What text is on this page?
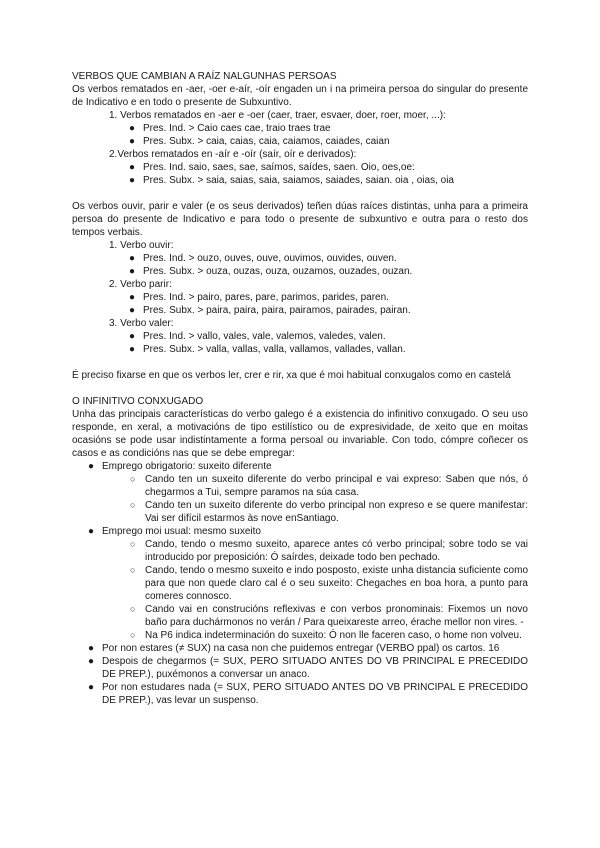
VERBOS QUE CAMBIAN A RAÍZ NALGUNHAS PERSOAS
Os verbos rematados en -aer, -oer e-aír, -oír engaden un i na primeira persoa do singular do presente de Indicativo e en todo o presente de Subxuntivo.
1. Verbos rematados en -aer e -oer (caer, traer, esvaer, doer, roer, moer, ...):
● Pres. Ind. > Caio caes cae, traio traes trae
● Pres. Subx. > caia, caias, caia, caiamos, caiades, caian
2.Verbos rematados en -aír e -oír (saír, oír e derivados):
● Pres. Ind. saio, saes, sae, saímos, saídes, saen. Oio, oes,oe:
● Pres. Subx. > saia, saias, saia, saiamos, saiades, saian. oia , oias, oia
Os verbos ouvir, parir e valer (e os seus derivados) teñen dúas raíces distintas, unha para a primeira persoa do presente de Indicativo e para todo o presente de subxuntivo e outra para o resto dos tempos verbais.
1. Verbo ouvir:
● Pres. Ind. > ouzo, ouves, ouve, ouvimos, ouvides, ouven.
● Pres. Subx. > ouza, ouzas, ouza, ouzamos, ouzades, ouzan.
2. Verbo parir:
● Pres. Ind. > pairo, pares, pare, parimos, parides, paren.
● Pres. Subx. > paira, paira, paira, pairamos, pairades, pairan.
3. Verbo valer:
● Pres. Ind. > vallo, vales, vale, valemos, valedes, valen.
● Pres. Subx. > valla, vallas, valla, vallamos, vallades, vallan.
É preciso fixarse en que os verbos ler, crer e rir, xa que é moi habitual conxugalos como en castelá
O INFINITIVO CONXUGADO
Unha das principais características do verbo galego é a existencia do infinitivo conxugado. O seu uso responde, en xeral, a motivacións de tipo estilístico ou de expresividade, de xeito que en moitas ocasións se pode usar indistintamente a forma persoal ou invariable. Con todo, cómpre coñecer os casos e as condicións nas que se debe empregar:
● Emprego obrigatorio: suxeito diferente
○ Cando ten un suxeito diferente do verbo principal e vai expreso: Saben que nós, ó chegarmos a Tui, sempre paramos na súa casa.
○ Cando ten un suxeito diferente do verbo principal non expreso e se quere manifestar: Vai ser difícil estarmos às nove enSantiago.
● Emprego moi usual: mesmo suxeito
○ Cando, tendo o mesmo suxeito, aparece antes có verbo principal; sobre todo se vai introducido por preposición: Ó saírdes, deixade todo ben pechado.
○ Cando, tendo o mesmo suxeito e indo posposto, existe unha distancia suficiente como para que non quede claro cal é o seu suxeito: Chegaches en boa hora, a punto para comeres connosco.
○ Cando vai en construcións reflexivas e con verbos pronominais: Fixemos un novo baño para duchármonos no verán / Para queixareste arreo, érache mellor non vires. -
○ Na P6 indica indeterminación do suxeito: Ó non lle faceren caso, o home non volveu.
● Por non estares (≠ SUX) na casa non che puidemos entregar (VERBO ppal) os cartos. 16
● Despois de chegarmos (= SUX, PERO SITUADO ANTES DO VB PRINCIPAL E PRECEDIDO DE PREP.), puxémonos a conversar un anaco.
● Por non estudares nada (= SUX, PERO SITUADO ANTES DO VB PRINCIPAL E PRECEDIDO DE PREP.), vas levar un suspenso.
